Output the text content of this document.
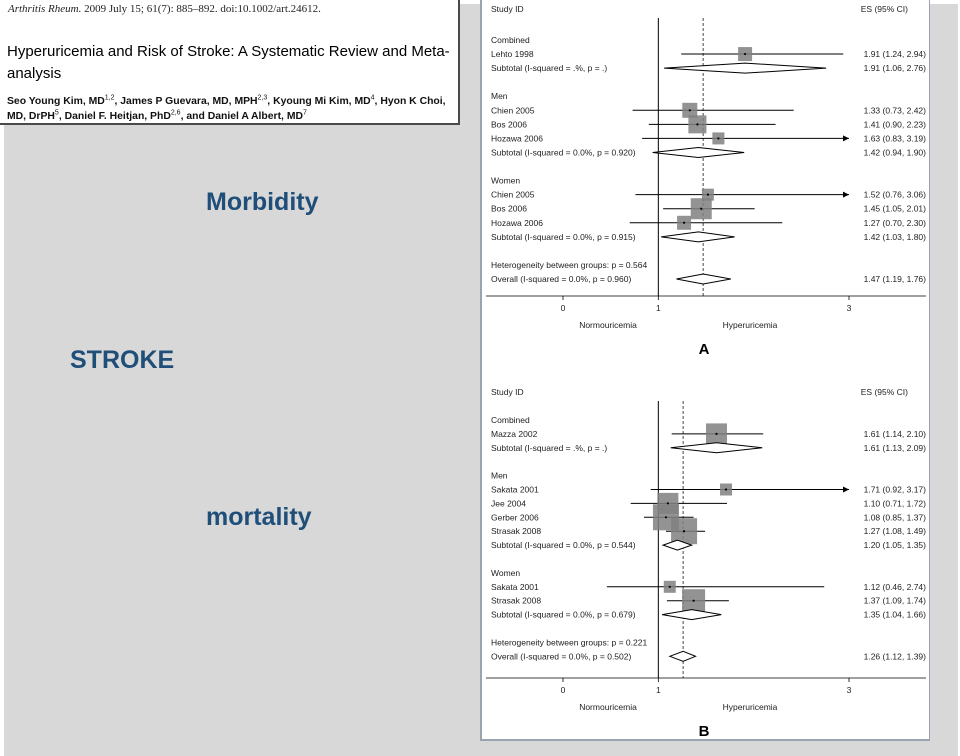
Arthritis Rheum. 2009 July 15; 61(7): 885–892. doi:10.1002/art.24612.
Hyperuricemia and Risk of Stroke: A Systematic Review and Meta-analysis
Seo Young Kim, MD$^{1,2}$, James P Guevara, MD, MPH$^{2,3}$, Kyoung Mi Kim, $MD^4$, Hyon K Choi, MD, DrPH$^5$, Daniel F. Heitjan, PhD$^{2,6}$, and Daniel A Albert, $MD^7$
Morbidity
STROKE
mortality
Study ID	ES (95% CI)
Combined
Lehto 1998	1.91 (1.24, 2.94)
Subtotal (I-squared = .%, p = .)	1.91 (1.06, 2.76)
Men
Chien 2005	1.33 (0.73, 2.42)
Bos 2006	1.41 (0.90, 2.23)
Hozawa 2006	1.63 (0.83, 3.19)
Subtotal (I-squared = 0.0%, p = 0.920)	1.42 (0.94, 1.90)
Women
Chien 2005	1.52 (0.76, 3.06)
Bos 2006	1.45 (1.05, 2.01)
Hozawa 2006	1.27 (0.70, 2.30)
Subtotal (I-squared = 0.0%, p = 0.915)	1.42 (1.03, 1.80)
Heterogeneity between groups: p = 0.564
Overall (I-squared = 0.0%, p = 0.960)	1.47 (1.19, 1.76)
0	1	3
Normouricemia	Hyperuricemia
A
Study ID	ES (95% CI)
Combined
Mazza 2002	1.61 (1.14, 2.10)
Subtotal (I-squared = .%, p = .)	1.61 (1.13, 2.09)
Men
Sakata 2001	1.71 (0.92, 3.17)
Jee 2004	1.10 (0.71, 1.72)
Gerber 2006	1.08 (0.85, 1.37)
Strasak 2008	1.27 (1.08, 1.49)
Subtotal (I-squared = 0.0%, p = 0.544)	1.20 (1.05, 1.35)
Women
Sakata 2001	1.12 (0.46, 2.74)
Strasak 2008	1.37 (1.09, 1.74)
Subtotal (I-squared = 0.0%, p = 0.679)	1.35 (1.04, 1.66)
Heterogeneity between groups: p = 0.221
Overall (I-squared = 0.0%, p = 0.502)	1.26 (1.12, 1.39)
0	1	3
Normouricemia	Hyperuricemia
B
